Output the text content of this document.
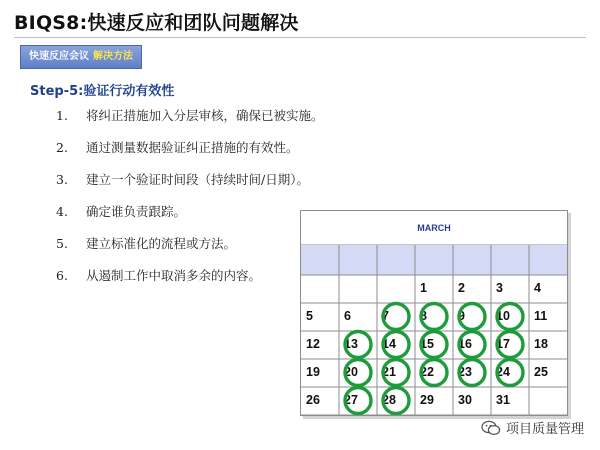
BIQS8:快速反应和团队问题解决
快速反应会议 解决方法
Step-5:验证行动有效性
1. 将纠正措施加入分层审核，确保已被实施。
2. 通过测量数据验证纠正措施的有效性。
3. 建立一个验证时间段（持续时间/日期）。
4. 确定谁负责跟踪。
5. 建立标准化的流程或方法。
6. 从遏制工作中取消多余的内容。
MARCH
1 2 3 4
5 6 7 8 9 10 11
12 13 14 15 16 17 18
19 20 21 22 23 24 25
26 27 28 29 30 31
项目质量管理
